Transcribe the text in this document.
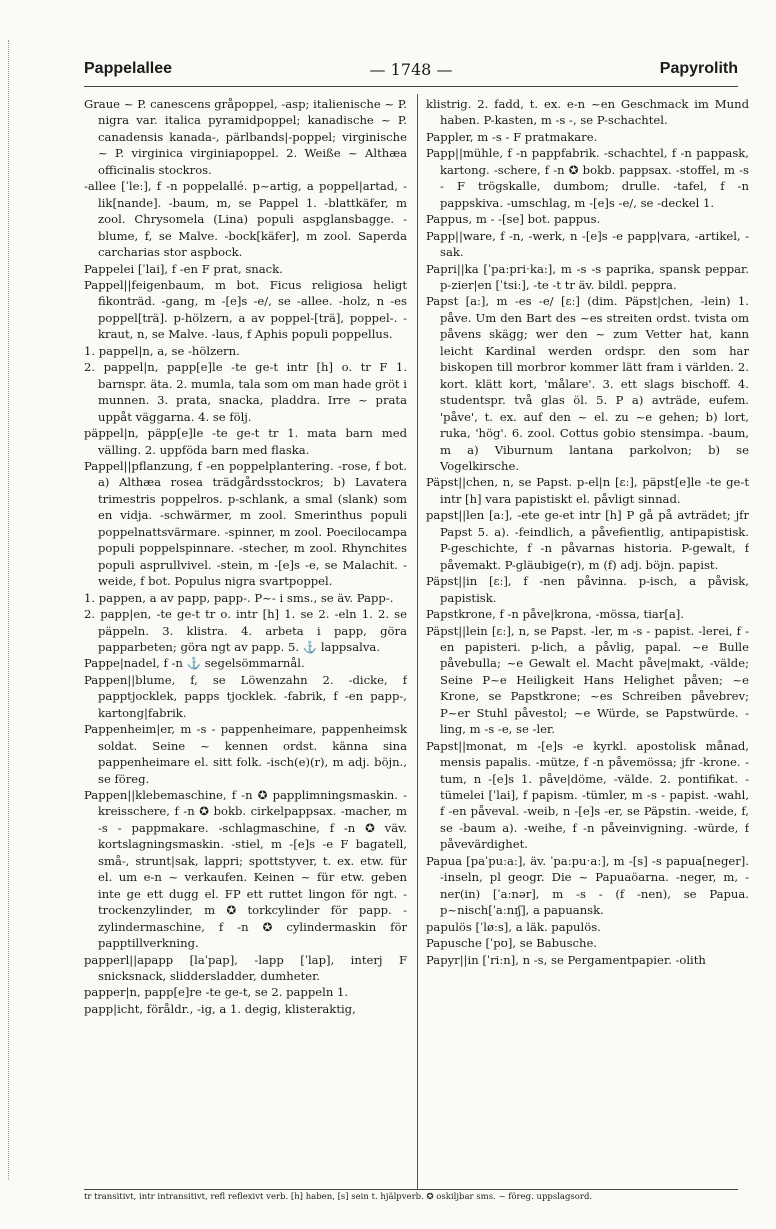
Pappelallee	— 1748 —	Papyrolith

Graue ~ P. canescens gråpoppel, -asp; italienische ~ P. nigra var. italica pyramidpoppel; kanadische ~ P. canadensis kanada-, pärlbands|-poppel; virginische ~ P. virginica virginiapoppel. 2. Weiße ~ Althæa officinalis stockros.

-allee [ˈleː], f -n poppelallé. p~artig, a poppel|artad, -lik[nande]. -baum, m, se Pappel 1. -blattkäfer, m zool. Chrysomela (Lina) populi aspglansbagge. -blume, f, se Malve. -bock[käfer], m zool. Saperda carcharias stor aspbock.

Pappelei [ˈlai], f -en F prat, snack.

Pappel||feigenbaum, m bot. Ficus religiosa heligt fikonträd. -gang, m -[e]s -e/, se -allee. -holz, n -es poppel[trä]. p-hölzern, a av poppel-[trä], poppel-. -kraut, n, se Malve. -laus, f Aphis populi poppellus.

1. pappel|n, a, se -hölzern.

2. pappel|n, papp[e]le -te ge-t intr [h] o. tr F 1. barnspr. äta. 2. mumla, tala som om man hade gröt i munnen. 3. prata, snacka, pladdra. Irre ~ prata uppåt väggarna. 4. se följ.

päppel|n, päpp[e]le -te ge-t tr 1. mata barn med välling. 2. uppföda barn med flaska.

Pappel||pflanzung, f -en poppelplantering. -rose, f bot. a) Althæa rosea trädgårdsstockros; b) Lavatera trimestris poppelros. p-schlank, a smal (slank) som en vidja. -schwärmer, m zool. Smerinthus populi poppelnattsvärmare. -spinner, m zool. Poecilocampa populi poppelspinnare. -stecher, m zool. Rhynchites populi asprullvivel. -stein, m -[e]s -e, se Malachit. -weide, f bot. Populus nigra svartpoppel.

1. pappen, a av papp, papp-. P~- i sms., se äv. Papp-.

2. papp|en, -te ge-t tr o. intr [h] 1. se 2. -eln 1. 2. se päppeln. 3. klistra. 4. arbeta i papp, göra papparbeten; göra ngt av papp. 5. ⚓ lappsalva.

Pappe|nadel, f -n ⚓ segelsömmarnål.

Pappen||blume, f, se Löwenzahn 2. -dicke, f papptjocklek, papps tjocklek. -fabrik, f -en papp-, kartong|fabrik.

Pappenheim|er, m -s - pappenheimare, pappenheimsk soldat. Seine ~ kennen ordst. känna sina pappenheimare el. sitt folk. -isch(e)(r), m adj. böjn., se föreg.

Pappen||klebemaschine, f -n ✪ papplimningsmaskin. -kreisschere, f -n ✪ bokb. cirkelpappsax. -macher, m -s - pappmakare. -schlagmaschine, f -n ✪ väv. kortslagningsmaskin. -stiel, m -[e]s -e F bagatell, små-, strunt|sak, lappri; spottstyver, t. ex. etw. für el. um e-n ~ verkaufen. Keinen ~ für etw. geben inte ge ett dugg el. FP ett ruttet lingon för ngt. -trockenzylinder, m ✪ torkcylinder för papp. -zylindermaschine, f -n ✪ cylindermaskin för papptillverkning.

papperl||apapp [laˈpap], -lapp [ˈlap], interj F snicksnack, sliddersladder, dumheter.

papper|n, papp[e]re -te ge-t, se 2. pappeln 1.

papp|icht, föråldr., -ig, a 1. degig, klisteraktig,

klistrig. 2. fadd, t. ex. e-n ~en Geschmack im Mund haben. P-kasten, m -s -, se P-schachtel.

Pappler, m -s - F pratmakare.

Papp||mühle, f -n pappfabrik. -schachtel, f -n pappask, kartong. -schere, f -n ✪ bokb. pappsax. -stoffel, m -s - F trögskalle, dumbom; drulle. -tafel, f -n pappskiva. -umschlag, m -[e]s -e/, se -deckel 1.

Pappus, m - -[se] bot. pappus.

Papp||ware, f -n, -werk, n -[e]s -e papp|vara, -artikel, -sak.

Papri||ka [ˈpaːpriˑka:], m -s -s paprika, spansk peppar. p-zier|en [ˈtsiː], -te -t tr äv. bildl. peppra.

Papst [aː], m -es -e/ [ɛː] (dim. Päpst|chen, -lein) 1. påve. Um den Bart des ~es streiten ordst. tvista om påvens skägg; wer den ~ zum Vetter hat, kann leicht Kardinal werden ordspr. den som har biskopen till morbror kommer lätt fram i världen. 2. kort. klätt kort, 'målare'. 3. ett slags bischoff. 4. studentspr. två glas öl. 5. P a) avträde, eufem. 'påve', t. ex. auf den ~ el. zu ~e gehen; b) lort, ruka, 'hög'. 6. zool. Cottus gobio stensimpa. -baum, m a) Viburnum lantana parkolvon; b) se Vogelkirsche.

Päpst||chen, n, se Papst. p-el|n [ɛː], päpst[e]le -te ge-t intr [h] vara papistiskt el. påvligt sinnad.

papst||len [aː], -ete ge-et intr [h] P gå på avträdet; jfr Papst 5. a). -feindlich, a påvefientlig, antipapistisk. P-geschichte, f -n påvarnas historia. P-gewalt, f påvemakt. P-gläubige(r), m (f) adj. böjn. papist.

Päpst||in [ɛː], f -nen påvinna. p-isch, a påvisk, papistisk.

Papstkrone, f -n påve|krona, -mössa, tiar[a].

Päpst||lein [ɛː], n, se Papst. -ler, m -s - papist. -lerei, f -en papisteri. p-lich, a påvlig, papal. ~e Bulle påvebulla; ~e Gewalt el. Macht påve|makt, -välde; Seine P~e Heiligkeit Hans Helighet påven; ~e Krone, se Papstkrone; ~es Schreiben påvebrev; P~er Stuhl påvestol; ~e Würde, se Papstwürde. -ling, m -s -e, se -ler.

Papst||monat, m -[e]s -e kyrkl. apostolisk månad, mensis papalis. -mütze, f -n påvemössa; jfr -krone. -tum, n -[e]s 1. påve|döme, -välde. 2. pontifikat. -tümelei [ˈlai], f papism. -tümler, m -s - papist. -wahl, f -en påveval. -weib, n -[e]s -er, se Päpstin. -weide, f, se -baum a). -weihe, f -n påveinvigning. -würde, f påvevärdighet.

Papua [paˈpuːaː], äv. ˈpaːpuˑaː], m -[s] -s papua[neger]. -inseln, pl geogr. Die ~ Papuaöarna. -neger, m, -ner(in) [ˈaːnər], m -s - (f -nen), se Papua. p~nisch[ˈaːnɪʃ], a papuansk.

papulös [ˈløːs], a läk. papulös.

Papusche [ˈpʊ], se Babusche.

Papyr||in [ˈriːn], n -s, se Pergamentpapier. -olith

tr transitivt, intr intransitivt, refl reflexivt verb. [h] haben, [s] sein t. hjälpverb. ✪ oskiljbar sms. ~ föreg. uppslagsord.
